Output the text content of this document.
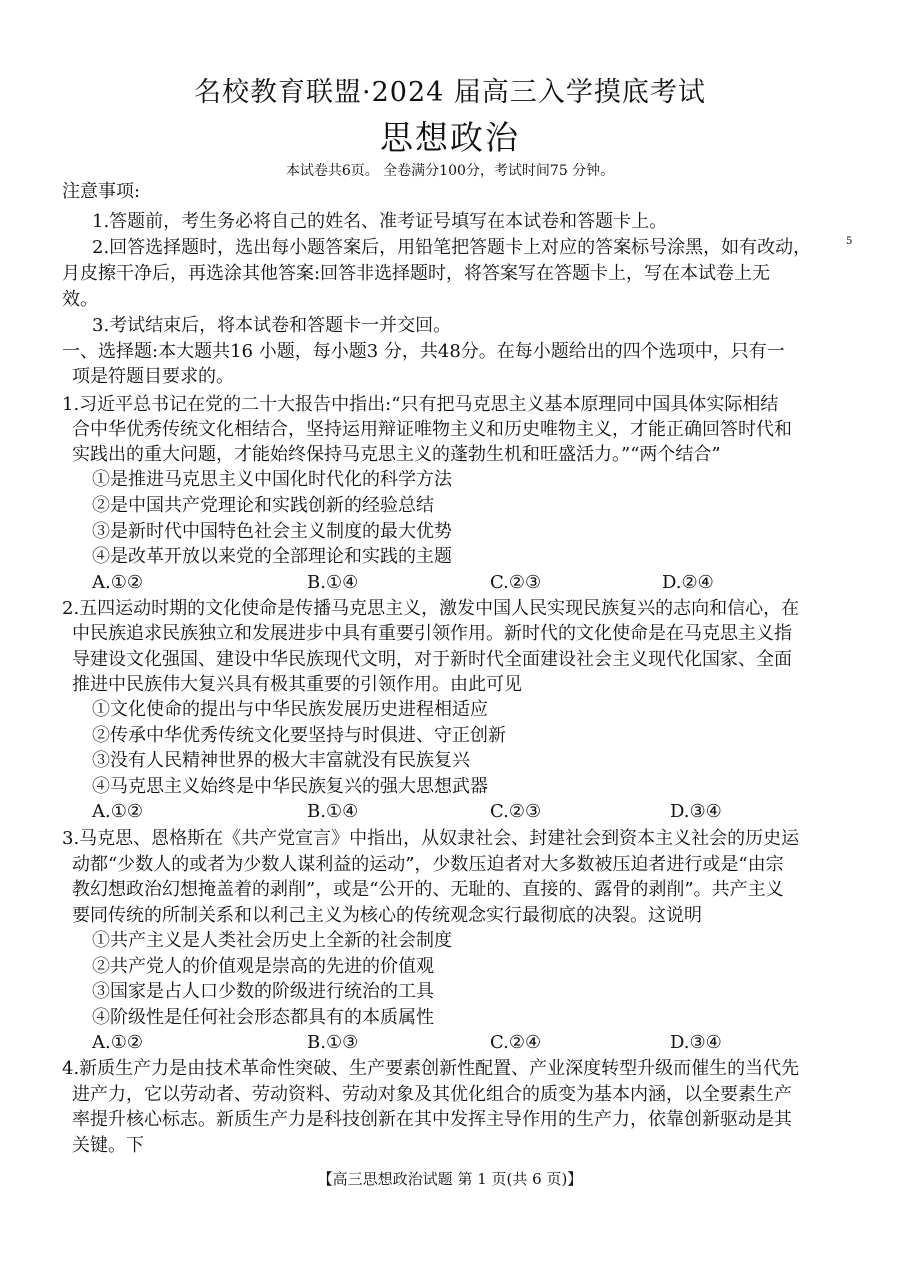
名校教育联盟·2024 届高三入学摸底考试
思想政治
本试卷共6页。 全卷满分100分，考试时间75 分钟。
注意事项:
1.答题前，考生务必将自己的姓名、准考证号填写在本试卷和答题卡上。
2.回答选择题时，选出每小题答案后，用铅笔把答题卡上对应的答案标号涂黑，如有改动，	5
月皮擦干净后，再选涂其他答案:回答非选择题时，将答案写在答题卡上，写在本试卷上无
效。
3.考试结束后，将本试卷和答题卡一并交回。
一、选择题:本大题共16 小题，每小题3 分，共48分。在每小题给出的四个选项中，只有一
项是符题目要求的。
1.习近平总书记在党的二十大报告中指出:“只有把马克思主义基本原理同中国具体实际相结
合中华优秀传统文化相结合，坚持运用辩证唯物主义和历史唯物主义，才能正确回答时代和
实践出的重大问题，才能始终保持马克思主义的蓬勃生机和旺盛活力。”“两个结合”
①是推进马克思主义中国化时代化的科学方法
②是中国共产党理论和实践创新的经验总结
③是新时代中国特色社会主义制度的最大优势
④是改革开放以来党的全部理论和实践的主题
A.①②	B.①④	C.②③	D.②④
2.五四运动时期的文化使命是传播马克思主义，激发中国人民实现民族复兴的志向和信心，在
中民族追求民族独立和发展进步中具有重要引领作用。新时代的文化使命是在马克思主义指
导建设文化强国、建设中华民族现代文明，对于新时代全面建设社会主义现代化国家、全面
推进中民族伟大复兴具有极其重要的引领作用。由此可见
①文化使命的提出与中华民族发展历史进程相适应
②传承中华优秀传统文化要坚持与时俱进、守正创新
③没有人民精神世界的极大丰富就没有民族复兴
④马克思主义始终是中华民族复兴的强大思想武器
A.①②	B.①④	C.②③	D.③④
3.马克思、恩格斯在《共产党宣言》中指出，从奴隶社会、封建社会到资本主义社会的历史运
动都“少数人的或者为少数人谋利益的运动”，少数压迫者对大多数被压迫者进行或是“由宗
教幻想政治幻想掩盖着的剥削”，或是“公开的、无耻的、直接的、露骨的剥削”。共产主义
要同传统的所制关系和以利己主义为核心的传统观念实行最彻底的决裂。这说明
①共产主义是人类社会历史上全新的社会制度
②共产党人的价值观是崇高的先进的价值观
③国家是占人口少数的阶级进行统治的工具
④阶级性是任何社会形态都具有的本质属性
A.①②	B.①③	C.②④	D.③④
4.新质生产力是由技术革命性突破、生产要素创新性配置、产业深度转型升级而催生的当代先
进产力，它以劳动者、劳动资料、劳动对象及其优化组合的质变为基本内涵，以全要素生产
率提升核心标志。新质生产力是科技创新在其中发挥主导作用的生产力，依靠创新驱动是其
关键。下
【高三思想政治试题 第 1 页(共 6 页)】
